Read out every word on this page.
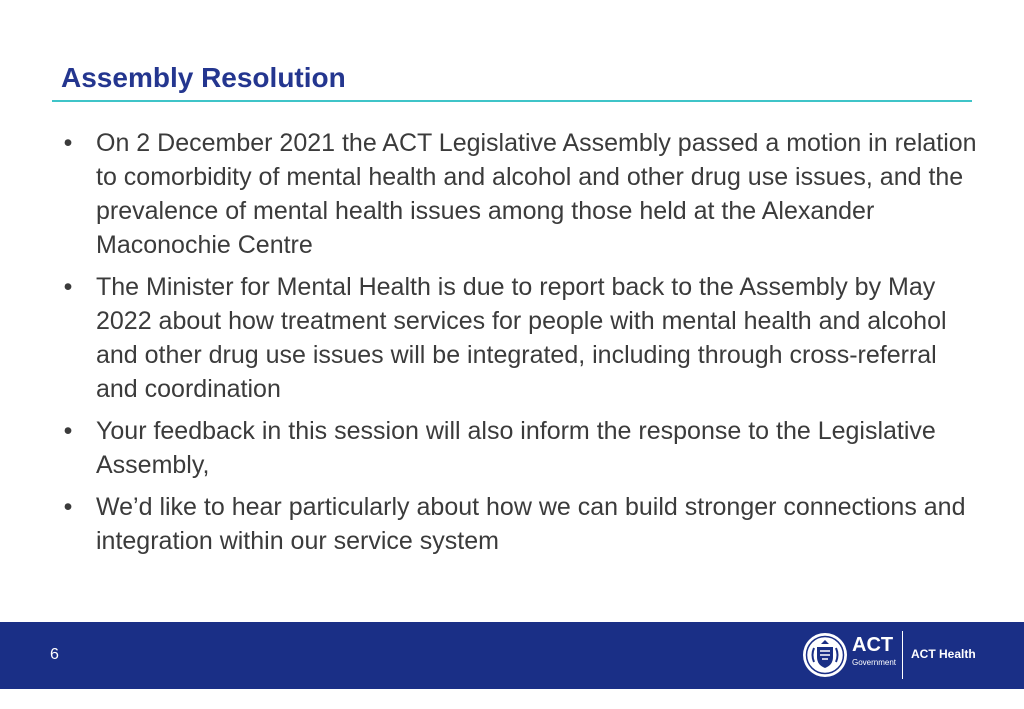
Assembly Resolution
• On 2 December 2021 the ACT Legislative Assembly passed a motion in relation to comorbidity of mental health and alcohol and other drug use issues, and the prevalence of mental health issues among those held at the Alexander Maconochie Centre
• The Minister for Mental Health is due to report back to the Assembly by May 2022 about how treatment services for people with mental health and alcohol and other drug use issues will be integrated, including through cross-referral and coordination
• Your feedback in this session will also inform the response to the Legislative Assembly,
• We’d like to hear particularly about how we can build stronger connections and integration within our service system
6	ACT
Government
ACT Health
